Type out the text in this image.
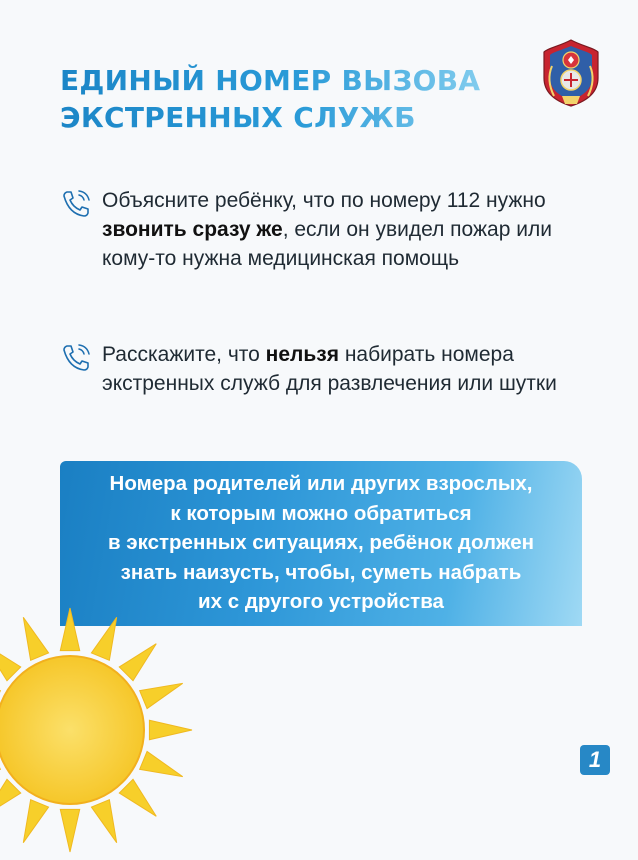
ЕДИНЫЙ НОМЕР ВЫЗОВА
ЭКСТРЕННЫХ СЛУЖБ
Объясните ребёнку, что по номеру 112 нужно звонить сразу же, если он увидел пожар или кому-то нужна медицинская помощь
Расскажите, что нельзя набирать номера экстренных служб для развлечения или шутки
Номера родителей или других взрослых,
к которым можно обратиться
в экстренных ситуациях, ребёнок должен
знать наизусть, чтобы, суметь набрать
их с другого устройства
1
